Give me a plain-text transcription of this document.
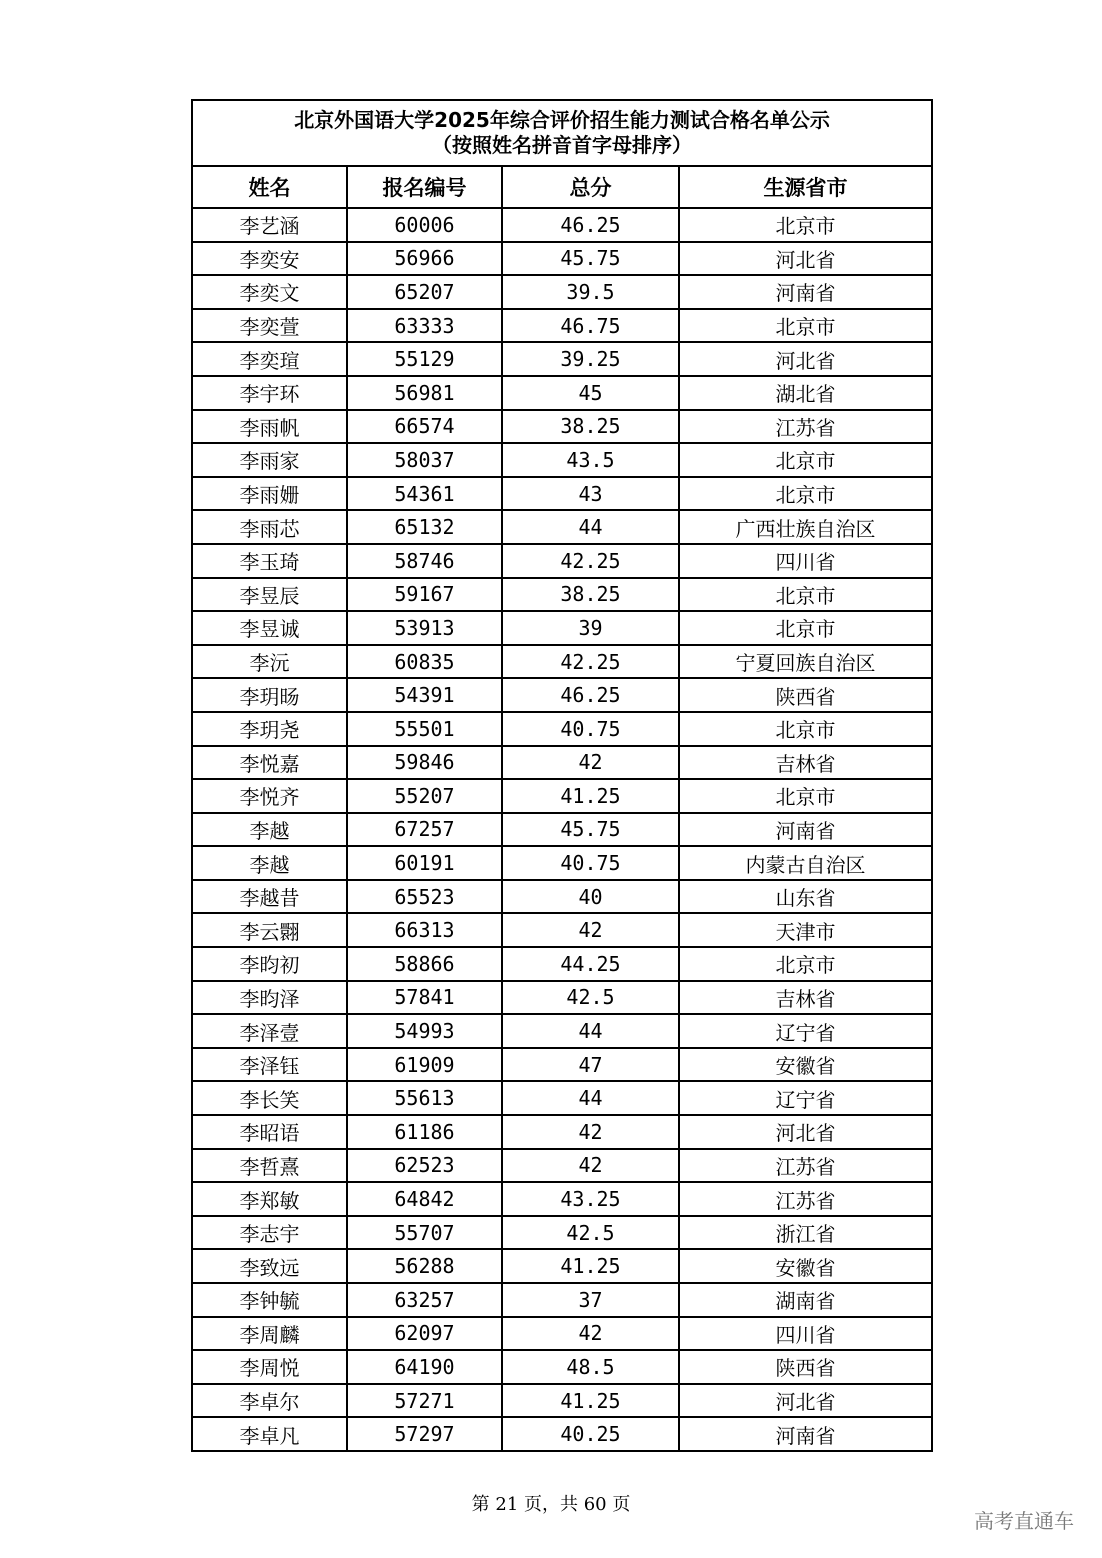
北京外国语大学2025年综合评价招生能力测试合格名单公示
（按照姓名拼音首字母排序）			

姓名	报名编号	总分	生源省市
李艺涵	60006	46.25	北京市
李奕安	56966	45.75	河北省
李奕文	65207	39.5	河南省
李奕萱	63333	46.75	北京市
李奕瑄	55129	39.25	河北省
李宇环	56981	45	湖北省
李雨帆	66574	38.25	江苏省
李雨家	58037	43.5	北京市
李雨姗	54361	43	北京市
李雨芯	65132	44	广西壮族自治区
李玉琦	58746	42.25	四川省
李昱辰	59167	38.25	北京市
李昱诚	53913	39	北京市
李沅	60835	42.25	宁夏回族自治区
李玥旸	54391	46.25	陕西省
李玥尧	55501	40.75	北京市
李悦嘉	59846	42	吉林省
李悦齐	55207	41.25	北京市
李越	67257	45.75	河南省
李越	60191	40.75	内蒙古自治区
李越昔	65523	40	山东省
李云翾	66313	42	天津市
李昀初	58866	44.25	北京市
李昀泽	57841	42.5	吉林省
李泽壹	54993	44	辽宁省
李泽钰	61909	47	安徽省
李长笑	55613	44	辽宁省
李昭语	61186	42	河北省
李哲熹	62523	42	江苏省
李郑敏	64842	43.25	江苏省
李志宇	55707	42.5	浙江省
李致远	56288	41.25	安徽省
李钟毓	63257	37	湖南省
李周麟	62097	42	四川省
李周悦	64190	48.5	陕西省
李卓尔	57271	41.25	河北省
李卓凡	57297	40.25	河南省
第 21 页，共 60 页
高考直通车
